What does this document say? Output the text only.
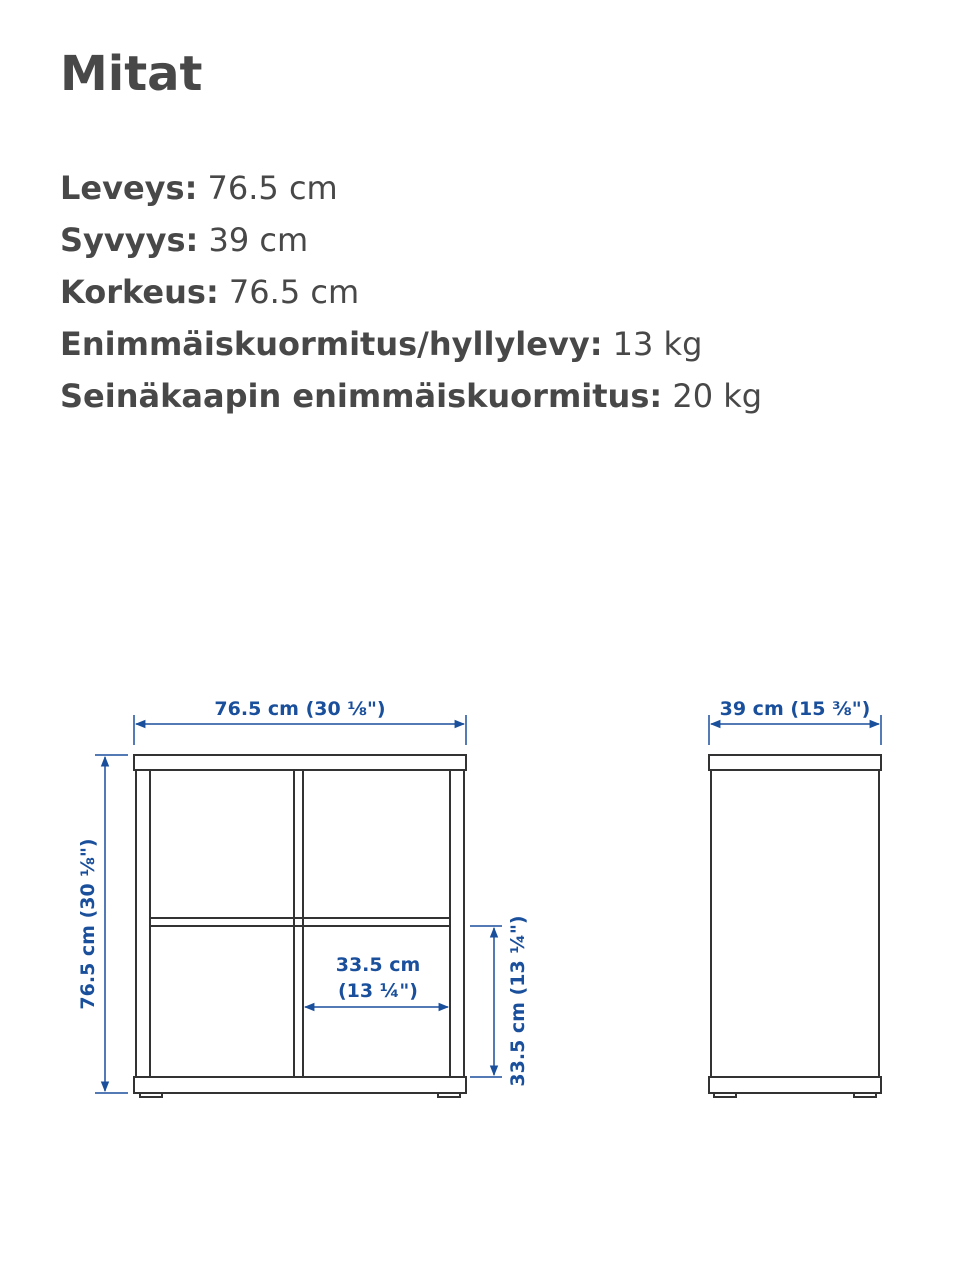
Mitat
Leveys: 76.5 cm
Syvyys: 39 cm
Korkeus: 76.5 cm
Enimmäiskuormitus/hyllylevy: 13 kg
Seinäkaapin enimmäiskuormitus: 20 kg
76.5 cm (30 ⅛")
76.5 cm (30 ⅛")	33.5 cm
(13 ¼")	33.5 cm (13 ¼")
39 cm (15 ⅜")
